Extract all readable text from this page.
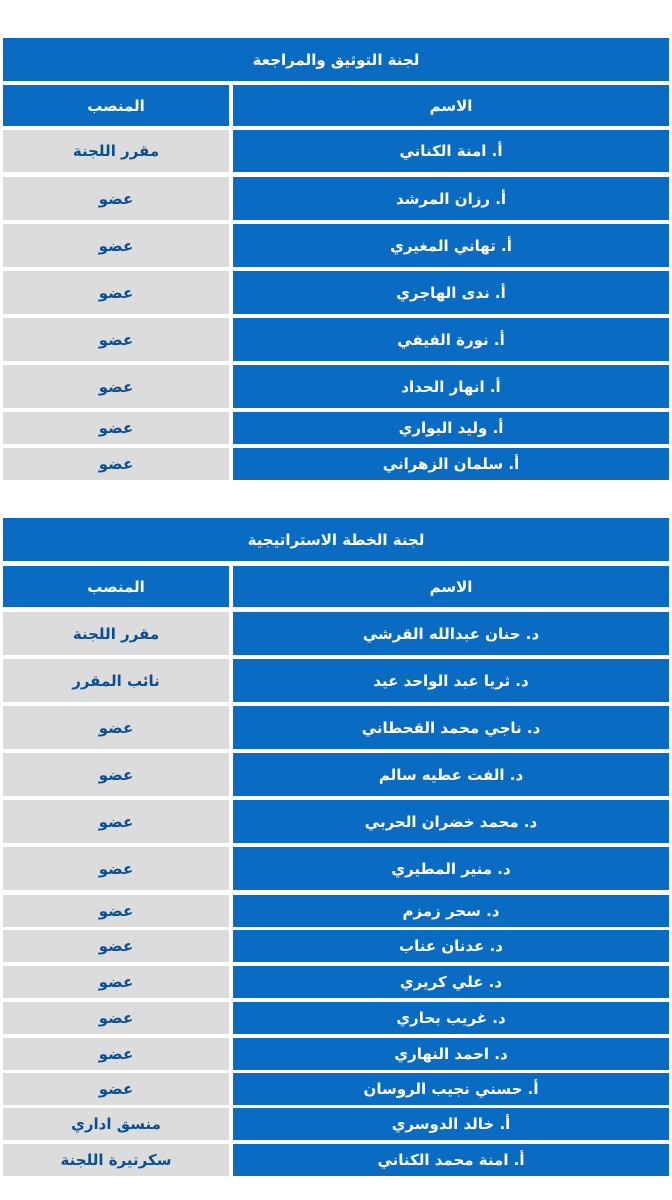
لجنة التوثيق والمراجعة
الاسم
المنصب
أ. امنة الكناني
مقرر اللجنة
أ. رزان المرشد
عضو
أ. تهاني المغيري
عضو
أ. ندى الهاجري
عضو
أ. نورة الفيفي
عضو
أ. انهار الحداد
عضو
أ. وليد البواري
عضو
أ. سلمان الزهراني
عضو
لجنة الخطة الاستراتيجية
الاسم
المنصب
د. حنان عبدالله القرشي
مقرر اللجنة
د. ثريا عبد الواحد عيد
نائب المقرر
د. ناجي محمد القحطاني
عضو
د. الفت عطيه سالم
عضو
د. محمد خضران الحربي
عضو
د. منير المطيري
عضو
د. سحر زمزم
عضو
د. عدنان عناب
عضو
د. علي كريري
عضو
د. غريب بحاري
عضو
د. احمد النهاري
عضو
أ. حسني نجيب الروسان
عضو
أ. خالد الدوسري
منسق اداري
أ. امنة محمد الكناني
سكرتيرة اللجنة
